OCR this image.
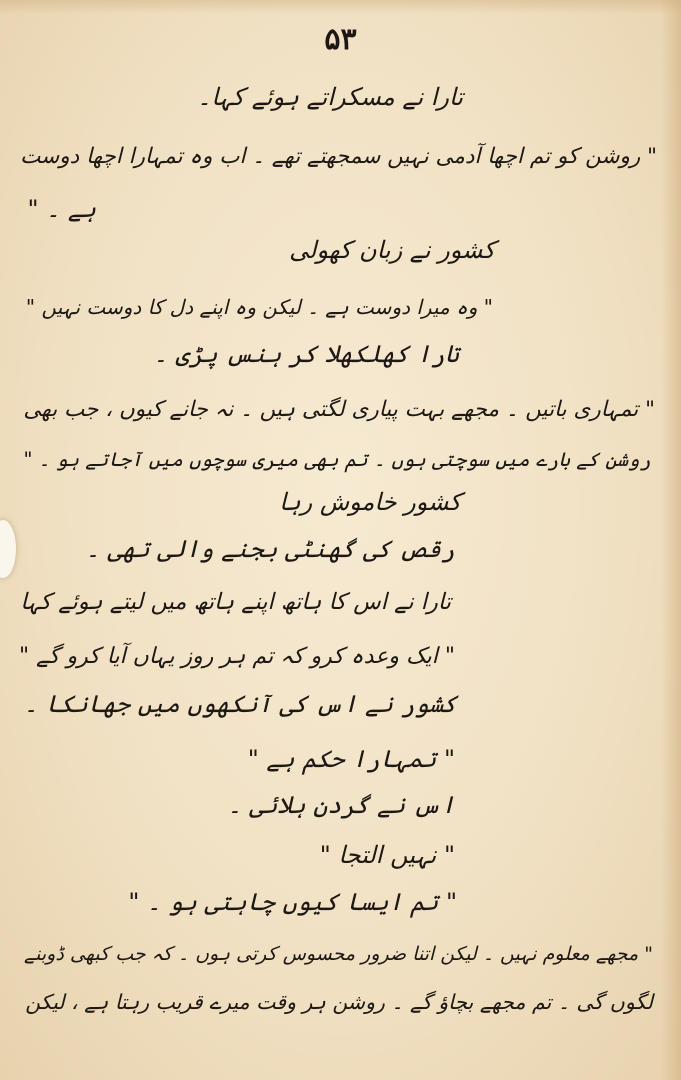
۵۳
تارا نے مسکراتے ہوئے کہا۔
" روشن کو تم اچھا آدمی نہیں سمجھتے تھے ۔ اب وہ تمہارا اچھا دوست
ہے ۔ "
کشور نے زبان کھولی
" وہ میرا دوست ہے ۔ لیکن وہ اپنے دل کا دوست نہیں "
تارا کھلکھلا کر ہنس پڑی ۔
" تمہاری باتیں ۔ مجھے بہت پیاری لگتی ہیں ۔ نہ جانے کیوں ، جب بھی
روشن کے بارے میں سوچتی ہوں ۔ تم بھی میری سوچوں میں آجاتے ہو ۔ "
کشور خاموش رہا
رقص کی گھنٹی بجنے والی تھی ۔
تارا نے اس کا ہاتھ اپنے ہاتھ میں لیتے ہوئے کہا
" ایک وعدہ کرو کہ تم ہر روز یہاں آیا کرو گے "
کشور نے اس کی آنکھوں میں جھانکا ۔
" تمہارا حکم ہے "
اس نے گردن ہلائی ۔
" نہیں التجا "
" تم ایسا کیوں چاہتی ہو ۔ "
" مجھے معلوم نہیں ۔ لیکن اتنا ضرور محسوس کرتی ہوں ۔ کہ جب کبھی ڈوبنے
لگوں گی ۔ تم مجھے بچاؤ گے ۔ روشن ہر وقت میرے قریب رہتا ہے ، لیکن
